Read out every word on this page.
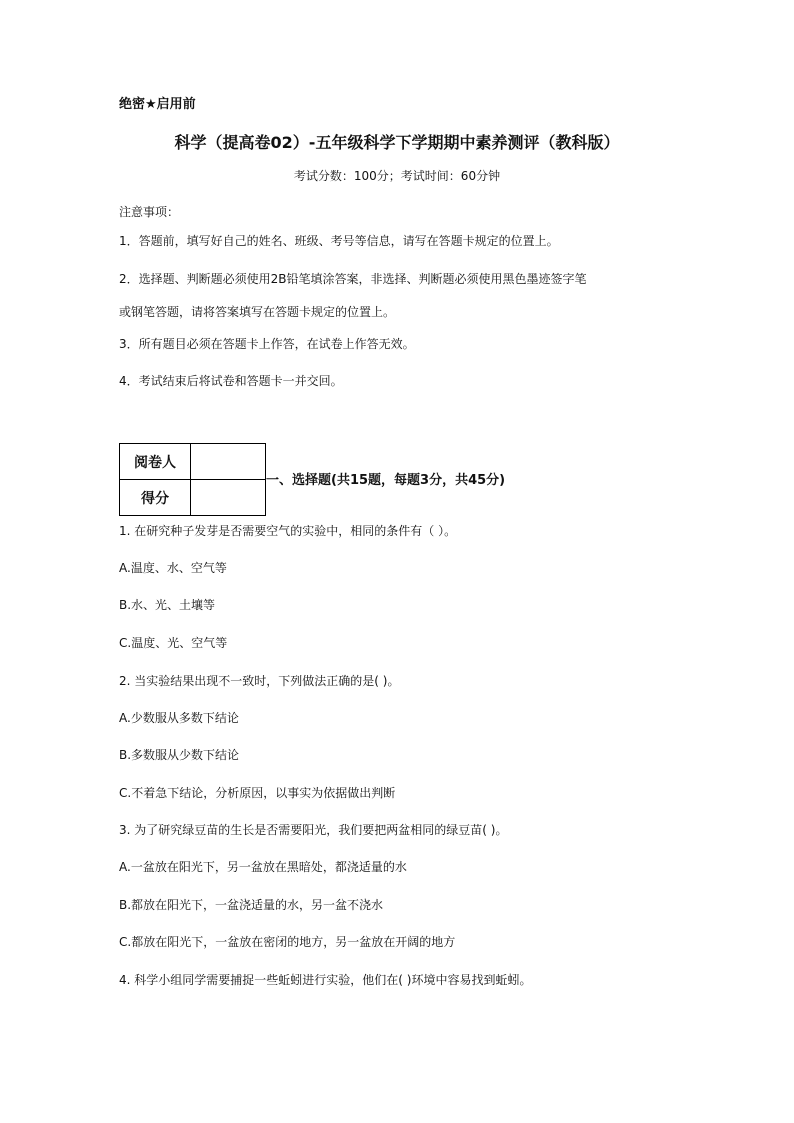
绝密★启用前
科学（提高卷02）-五年级科学下学期期中素养测评（教科版）
考试分数：100分；考试时间：60分钟
注意事项：
1．答题前，填写好自己的姓名、班级、考号等信息，请写在答题卡规定的位置上。
2．选择题、判断题必须使用2B铅笔填涂答案，非选择、判断题必须使用黑色墨迹签字笔
或钢笔答题，请将答案填写在答题卡规定的位置上。
3．所有题目必须在答题卡上作答，在试卷上作答无效。
4．考试结束后将试卷和答题卡一并交回。
阅卷人	
得分	
一、选择题(共15题，每题3分，共45分)
1. 在研究种子发芽是否需要空气的实验中，相同的条件有（ ）。
A.温度、水、空气等
B.水、光、土壤等
C.温度、光、空气等
2. 当实验结果出现不一致时，下列做法正确的是( )。
A.少数服从多数下结论
B.多数服从少数下结论
C.不着急下结论，分析原因，以事实为依据做出判断
3. 为了研究绿豆苗的生长是否需要阳光，我们要把两盆相同的绿豆苗( )。
A.一盆放在阳光下，另一盆放在黑暗处，都浇适量的水
B.都放在阳光下，一盆浇适量的水，另一盆不浇水
C.都放在阳光下，一盆放在密闭的地方，另一盆放在开阔的地方
4. 科学小组同学需要捕捉一些蚯蚓进行实验，他们在( )环境中容易找到蚯蚓。
